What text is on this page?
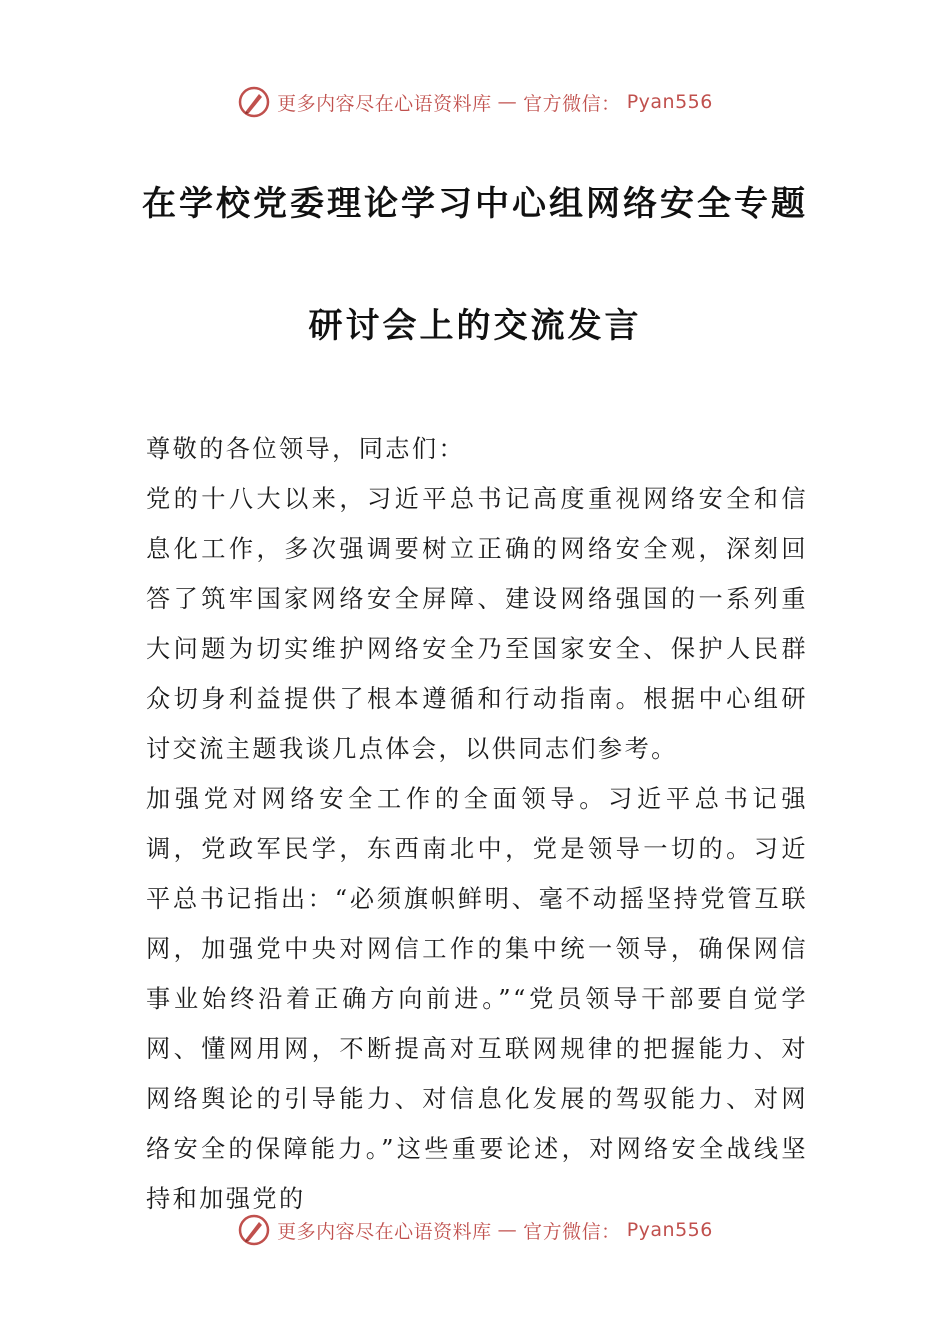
更多内容尽在心语资料库 — 官方微信： Pyan556
在学校党委理论学习中心组网络安全专题
研讨会上的交流发言

尊敬的各位领导，同志们：

党的十八大以来，习近平总书记高度重视网络安全和信息化工作，多次强调要树立正确的网络安全观，深刻回答了筑牢国家网络安全屏障、建设网络强国的一系列重大问题为切实维护网络安全乃至国家安全、保护人民群众切身利益提供了根本遵循和行动指南。根据中心组研讨交流主题我谈几点体会，以供同志们参考。

加强党对网络安全工作的全面领导。习近平总书记强调，党政军民学，东西南北中，党是领导一切的。习近平总书记指出：“必须旗帜鲜明、毫不动摇坚持党管互联网，加强党中央对网信工作的集中统一领导，确保网信事业始终沿着正确方向前进。”“党员领导干部要自觉学网、懂网用网，不断提高对互联网规律的把握能力、对网络舆论的引导能力、对信息化发展的驾驭能力、对网络安全的保障能力。”这些重要论述，对网络安全战线坚持和加强党的

更多内容尽在心语资料库 — 官方微信： Pyan556
